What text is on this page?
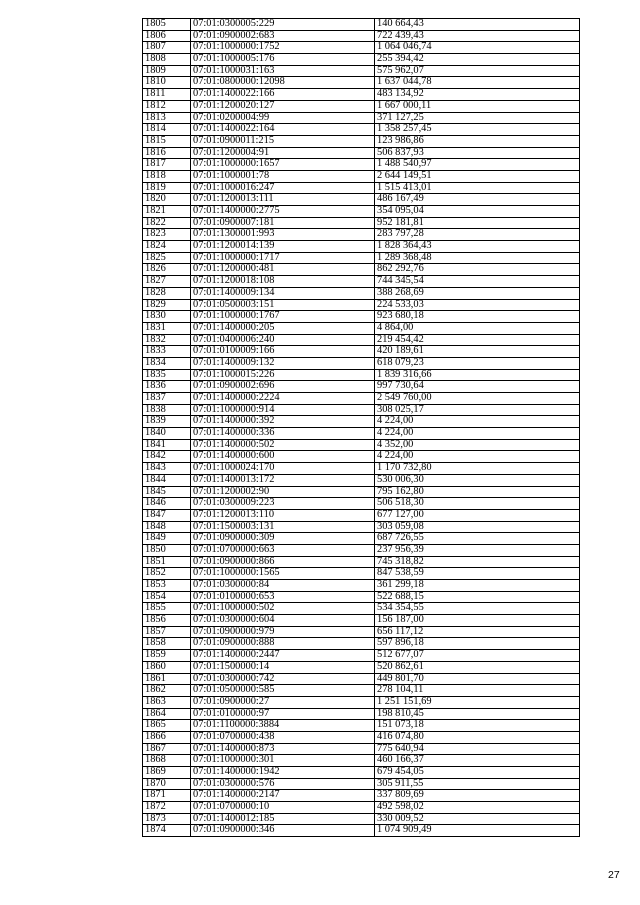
1805	07:01:0300005:229	140 664,43
1806	07:01:0900002:683	722 439,43
1807	07:01:1000000:1752	1 064 046,74
1808	07:01:1000005:176	255 394,42
1809	07:01:1000031:163	575 962,07
1810	07:01:0800000:12098	1 637 044,78
1811	07:01:1400022:166	483 134,92
1812	07:01:1200020:127	1 667 000,11
1813	07:01:0200004:99	371 127,25
1814	07:01:1400022:164	1 358 257,45
1815	07:01:0900011:215	123 986,86
1816	07:01:1200004:91	506 837,93
1817	07:01:1000000:1657	1 488 540,97
1818	07:01:1000001:78	2 644 149,51
1819	07:01:1000016:247	1 515 413,01
1820	07:01:1200013:111	486 167,49
1821	07:01:1400000:2775	354 095,04
1822	07:01:0900007:181	952 181,81
1823	07:01:1300001:993	283 797,28
1824	07:01:1200014:139	1 828 364,43
1825	07:01:1000000:1717	1 289 368,48
1826	07:01:1200000:481	862 292,76
1827	07:01:1200018:108	744 345,54
1828	07:01:1400009:134	388 268,69
1829	07:01:0500003:151	224 533,03
1830	07:01:1000000:1767	923 680,18
1831	07:01:1400000:205	4 864,00
1832	07:01:0400006:240	219 454,42
1833	07:01:0100009:166	420 189,61
1834	07:01:1400009:132	618 079,23
1835	07:01:1000015:226	1 839 316,66
1836	07:01:0900002:696	997 730,64
1837	07:01:1400000:2224	2 549 760,00
1838	07:01:1000000:914	308 025,17
1839	07:01:1400000:392	4 224,00
1840	07:01:1400000:336	4 224,00
1841	07:01:1400000:502	4 352,00
1842	07:01:1400000:600	4 224,00
1843	07:01:1000024:170	1 170 732,80
1844	07:01:1400013:172	530 006,30
1845	07:01:1200002:90	795 162,80
1846	07:01:0300009:223	506 518,30
1847	07:01:1200013:110	677 127,00
1848	07:01:1500003:131	303 059,08
1849	07:01:0900000:309	687 726,55
1850	07:01:0700000:663	237 956,39
1851	07:01:0900000:866	745 318,82
1852	07:01:1000000:1565	847 538,59
1853	07:01:0300000:84	361 299,18
1854	07:01:0100000:653	522 688,15
1855	07:01:1000000:502	534 354,55
1856	07:01:0300000:604	156 187,00
1857	07:01:0900000:979	656 117,12
1858	07:01:0900000:888	597 896,18
1859	07:01:1400000:2447	512 677,07
1860	07:01:1500000:14	520 862,61
1861	07:01:0300000:742	449 801,70
1862	07:01:0500000:585	278 104,11
1863	07:01:0900000:27	1 251 151,69
1864	07:01:0100000:97	198 810,45
1865	07:01:1100000:3884	151 073,18
1866	07:01:0700000:438	416 074,80
1867	07:01:1400000:873	775 640,94
1868	07:01:1000000:301	460 166,37
1869	07:01:1400000:1942	679 454,05
1870	07:01:0300000:576	305 911,55
1871	07:01:1400000:2147	337 809,69
1872	07:01:0700000:10	492 598,02
1873	07:01:1400012:185	330 009,52
1874	07:01:0900000:346	1 074 909,49
27
